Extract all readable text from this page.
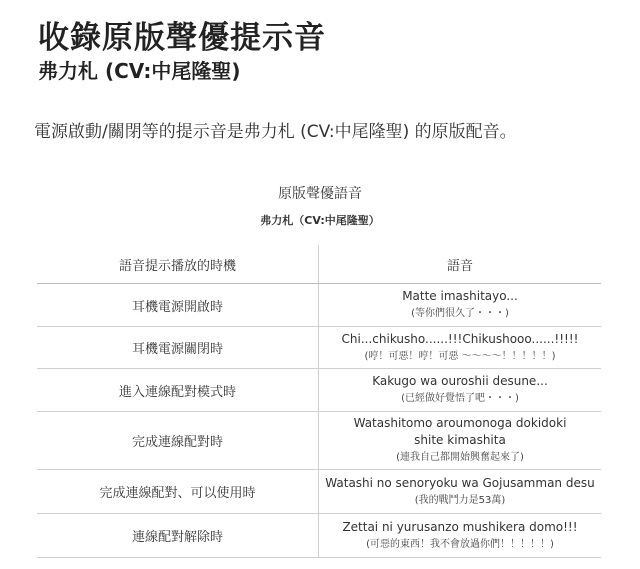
收錄原版聲優提示音
弗力札 (CV:中尾隆聖)
電源啟動/關閉等的提示音是弗力札 (CV:中尾隆聖) 的原版配音。
原版聲優語音
弗力札（CV:中尾隆聖）
語音提示播放的時機	語音
耳機電源開啟時	Matte imashitayo...
(等你們很久了・・・)

耳機電源關閉時	Chi...chikusho......!!!Chikushooo......!!!!!
(哼！可惡！哼！可惡 〜〜〜〜！！！！！)

進入連線配對模式時	Kakugo wa ouroshii desune...
(已經做好覺悟了吧・・・)

完成連線配對時	Watashitomo aroumonoga dokidoki
shite kimashita
(連我自己都開始興奮起來了)

完成連線配對、可以使用時	Watashi no senoryoku wa Gojusamman desu
(我的戰鬥力是53萬)

連線配對解除時	Zettai ni yurusanzo mushikera domo!!!
(可惡的東西！我不會放過你們！！！！！)
